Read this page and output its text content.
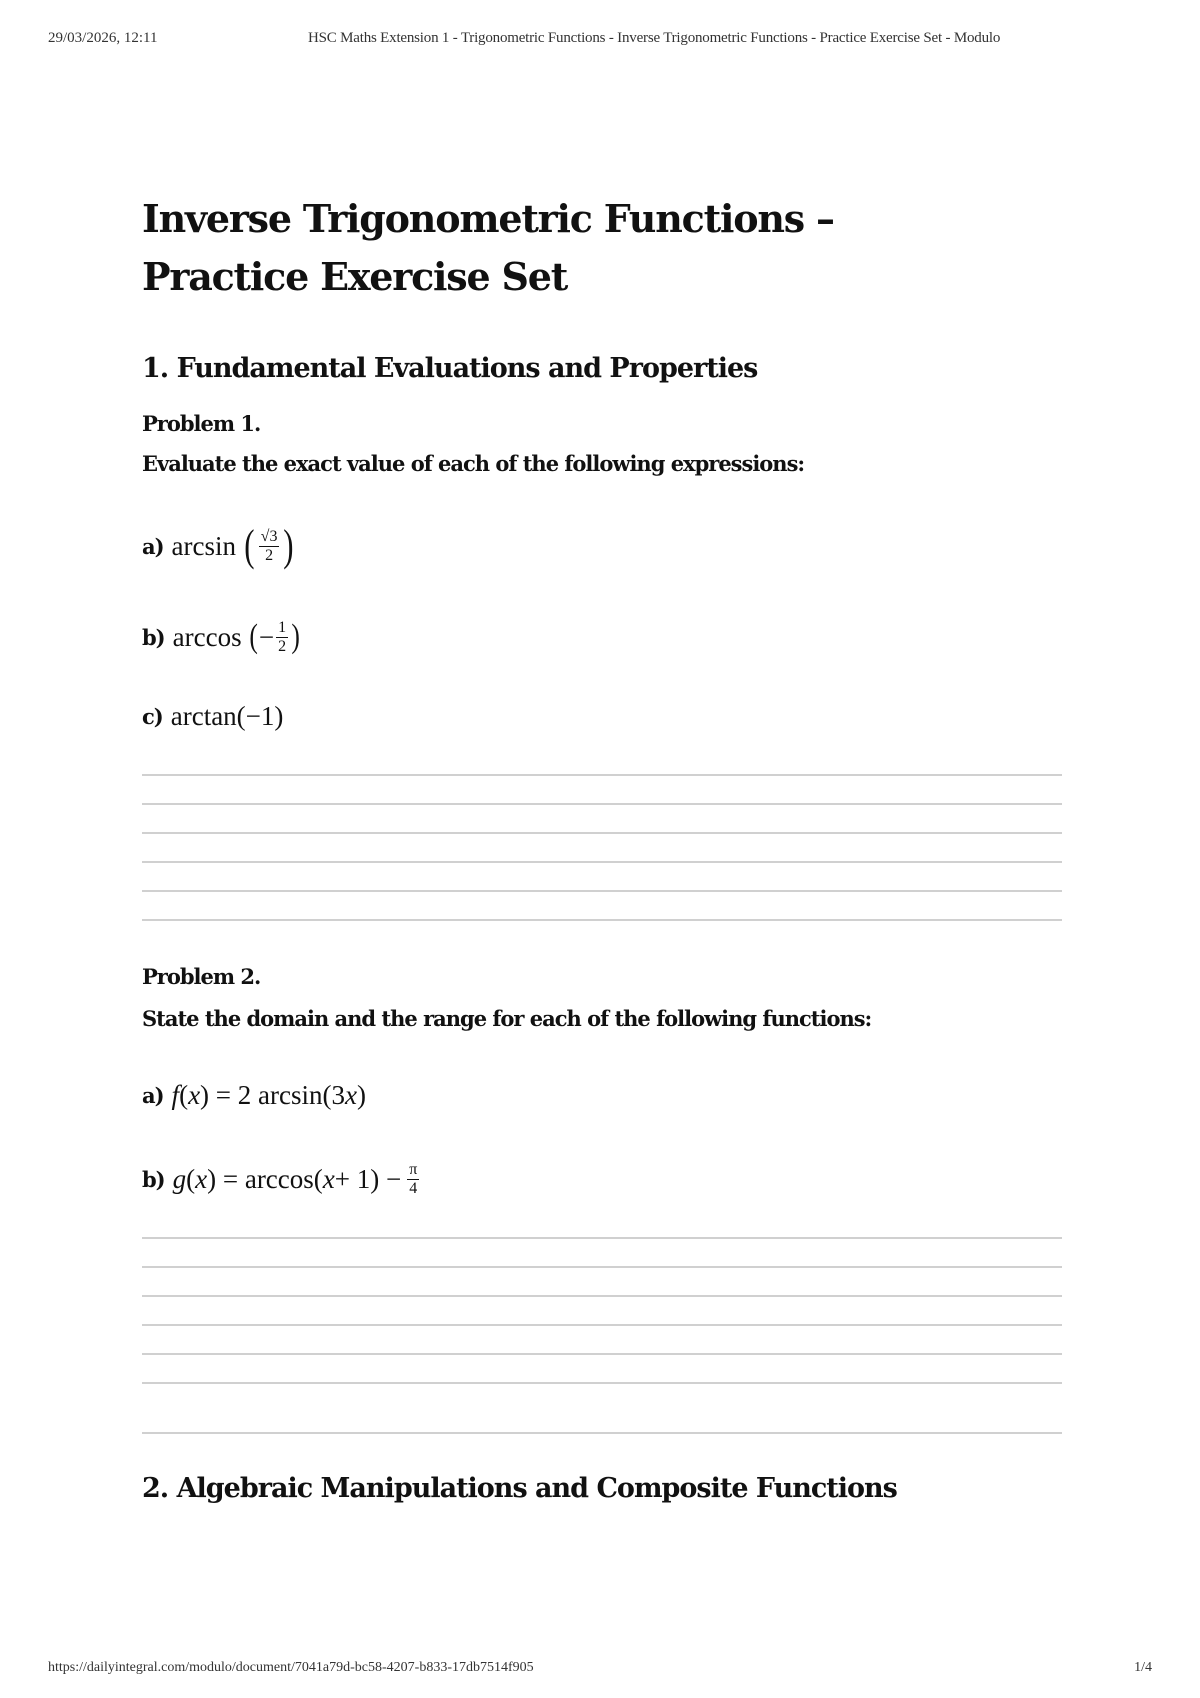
29/03/2026, 12:11	HSC Maths Extension 1 - Trigonometric Functions - Inverse Trigonometric Functions - Practice Exercise Set - Modulo
Inverse Trigonometric Functions – Practice Exercise Set
1. Fundamental Evaluations and Properties

Problem 1.

Evaluate the exact value of each of the following expressions:

a) arcsin ( $\frac{√3}{2}$ )
b) arccos ( − $\frac{1}{2}$ )
c) arctan(−1)

Problem 2.

State the domain and the range for each of the following functions:

a) f ( x ) = 2 arcsin(3 x )
b) g ( x ) = arccos( $x + 1) - \frac{\pi}{4}$
2. Algebraic Manipulations and Composite Functions
https://dailyintegral.com/modulo/document/7041a79d-bc58-4207-b833-17db7514f905	1/4
